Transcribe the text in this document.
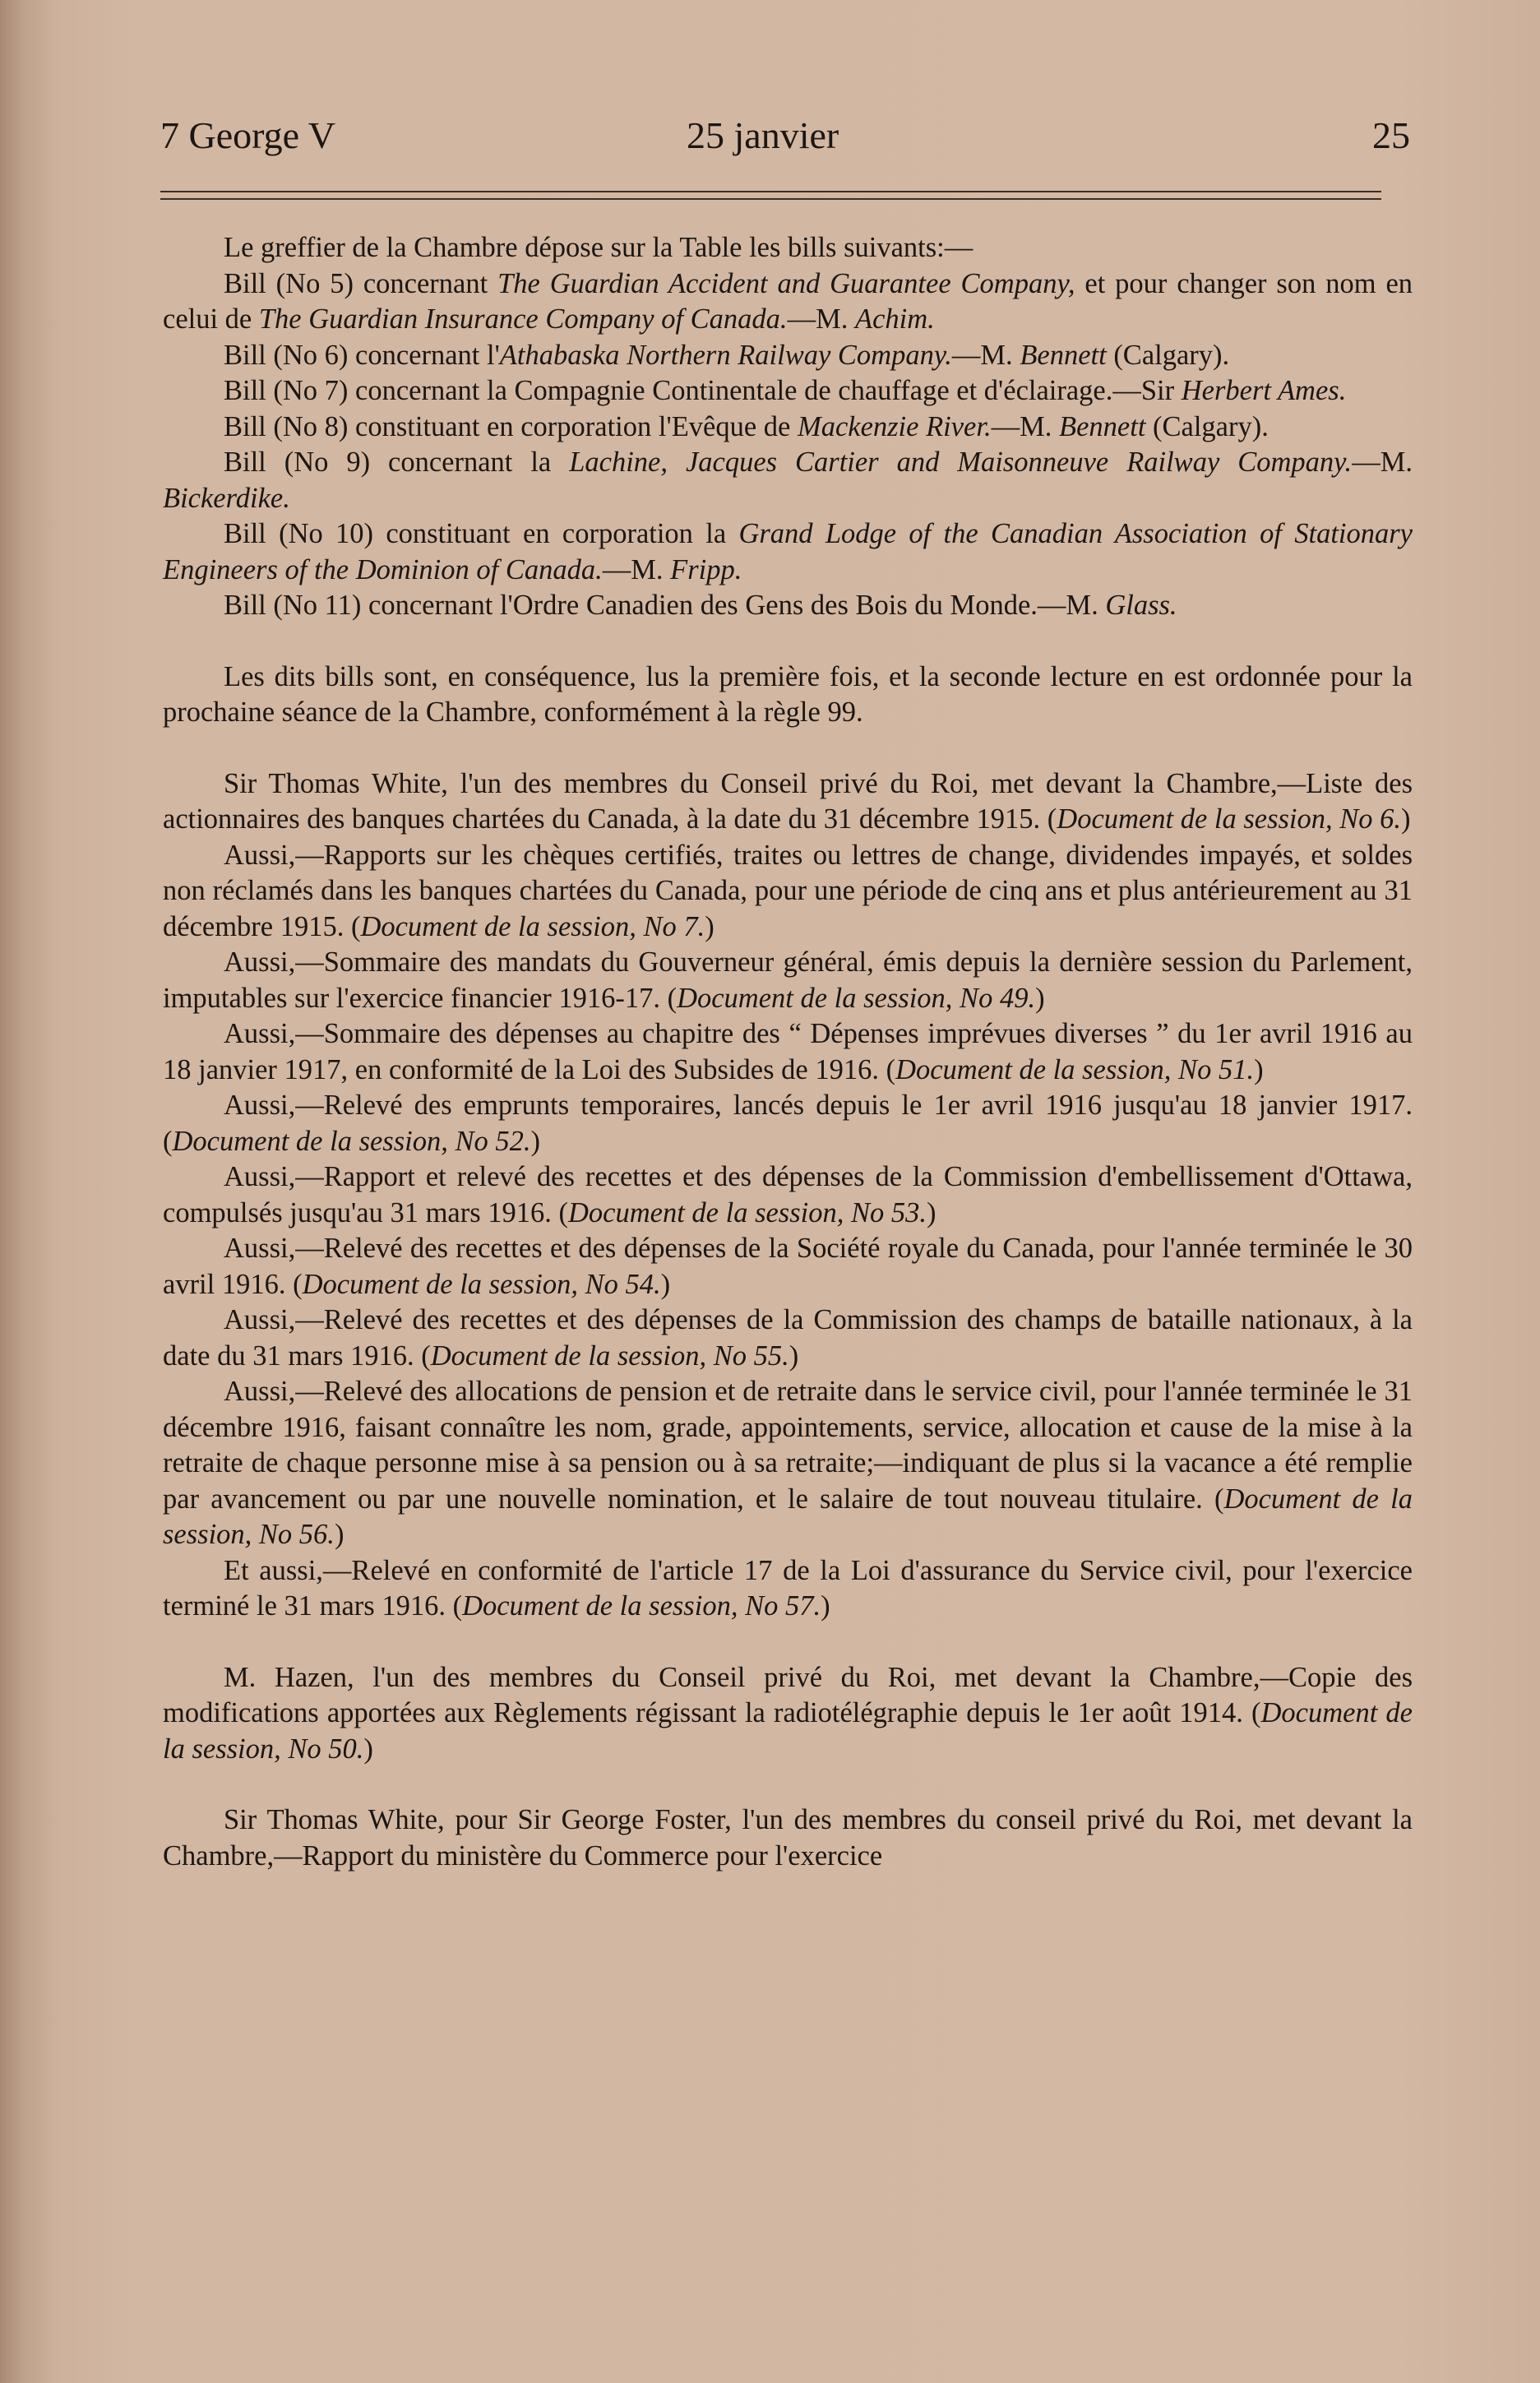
7 George V	25 janvier	25

Le greffier de la Chambre dépose sur la Table les bills suivants:—

Bill (No 5) concernant The Guardian Accident and Guarantee Company, et pour changer son nom en celui de The Guardian Insurance Company of Canada.—M. Achim.

Bill (No 6) concernant l'Athabaska Northern Railway Company.—M. Bennett (Calgary).

Bill (No 7) concernant la Compagnie Continentale de chauffage et d'éclairage.—Sir Herbert Ames.

Bill (No 8) constituant en corporation l'Evêque de Mackenzie River.—M. Bennett (Calgary).

Bill (No 9) concernant la Lachine, Jacques Cartier and Maisonneuve Railway Company.—M. Bickerdike.

Bill (No 10) constituant en corporation la Grand Lodge of the Canadian Association of Stationary Engineers of the Dominion of Canada.—M. Fripp.

Bill (No 11) concernant l'Ordre Canadien des Gens des Bois du Monde.—M. Glass.

Les dits bills sont, en conséquence, lus la première fois, et la seconde lecture en est ordonnée pour la prochaine séance de la Chambre, conformément à la règle 99.

Sir Thomas White, l'un des membres du Conseil privé du Roi, met devant la Chambre,—Liste des actionnaires des banques chartées du Canada, à la date du 31 décembre 1915. (Document de la session, No 6.)

Aussi,—Rapports sur les chèques certifiés, traites ou lettres de change, dividendes impayés, et soldes non réclamés dans les banques chartées du Canada, pour une période de cinq ans et plus antérieurement au 31 décembre 1915. (Document de la session, No 7.)

Aussi,—Sommaire des mandats du Gouverneur général, émis depuis la dernière session du Parlement, imputables sur l'exercice financier 1916-17. (Document de la session, No 49.)

Aussi,—Sommaire des dépenses au chapitre des “ Dépenses imprévues diverses ” du 1er avril 1916 au 18 janvier 1917, en conformité de la Loi des Subsides de 1916. (Document de la session, No 51.)

Aussi,—Relevé des emprunts temporaires, lancés depuis le 1er avril 1916 jusqu'au 18 janvier 1917. (Document de la session, No 52.)

Aussi,—Rapport et relevé des recettes et des dépenses de la Commission d'embellissement d'Ottawa, compulsés jusqu'au 31 mars 1916. (Document de la session, No 53.)

Aussi,—Relevé des recettes et des dépenses de la Société royale du Canada, pour l'année terminée le 30 avril 1916. (Document de la session, No 54.)

Aussi,—Relevé des recettes et des dépenses de la Commission des champs de bataille nationaux, à la date du 31 mars 1916. (Document de la session, No 55.)

Aussi,—Relevé des allocations de pension et de retraite dans le service civil, pour l'année terminée le 31 décembre 1916, faisant connaître les nom, grade, appointements, service, allocation et cause de la mise à la retraite de chaque personne mise à sa pension ou à sa retraite;—indiquant de plus si la vacance a été remplie par avancement ou par une nouvelle nomination, et le salaire de tout nouveau titulaire. (Document de la session, No 56.)

Et aussi,—Relevé en conformité de l'article 17 de la Loi d'assurance du Service civil, pour l'exercice terminé le 31 mars 1916. (Document de la session, No 57.)

M. Hazen, l'un des membres du Conseil privé du Roi, met devant la Chambre,—Copie des modifications apportées aux Règlements régissant la radiotélégraphie depuis le 1er août 1914. (Document de la session, No 50.)

Sir Thomas White, pour Sir George Foster, l'un des membres du conseil privé du Roi, met devant la Chambre,—Rapport du ministère du Commerce pour l'exercice
